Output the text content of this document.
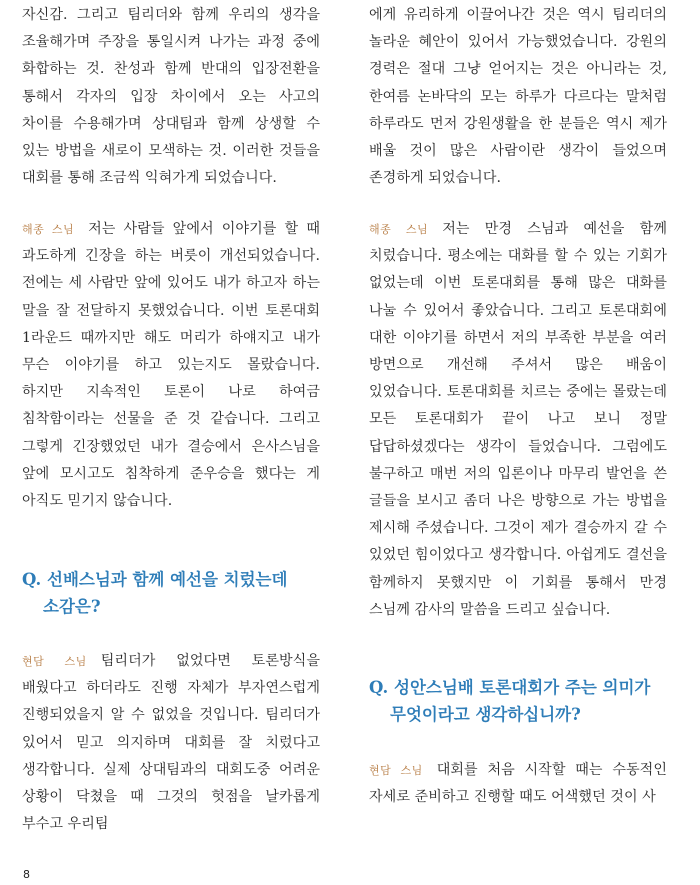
자신감. 그리고 팀리더와 함께 우리의 생각을 조율해가며 주장을 통일시켜 나가는 과정 중에 화합하는 것. 찬성과 함께 반대의 입장전환을 통해서 각자의 입장 차이에서 오는 사고의 차이를 수용해가며 상대팀과 함께 상생할 수 있는 방법을 새로이 모색하는 것. 이러한 것들을 대회를 통해 조금씩 익혀가게 되었습니다.

해종 스님 저는 사람들 앞에서 이야기를 할 때 과도하게 긴장을 하는 버릇이 개선되었습니다. 전에는 세 사람만 앞에 있어도 내가 하고자 하는 말을 잘 전달하지 못했었습니다. 이번 토론대회 1라운드 때까지만 해도 머리가 하얘지고 내가 무슨 이야기를 하고 있는지도 몰랐습니다. 하지만 지속적인 토론이 나로 하여금 침착함이라는 선물을 준 것 같습니다. 그리고 그렇게 긴장했었던 내가 결승에서 은사스님을 앞에 모시고도 침착하게 준우승을 했다는 게 아직도 믿기지 않습니다.

Q. 선배스님과 함께 예선을 치렀는데
소감은?

현담 스님 팀리더가 없었다면 토론방식을 배웠다고 하더라도 진행 자체가 부자연스럽게 진행되었을지 알 수 없었을 것입니다. 팀리더가 있어서 믿고 의지하며 대회를 잘 치렀다고 생각합니다. 실제 상대팀과의 대회도중 어려운 상황이 닥쳤을 때 그것의 헛점을 날카롭게 부수고 우리팀

에게 유리하게 이끌어나간 것은 역시 팀리더의 놀라운 혜안이 있어서 가능했었습니다. 강원의 경력은 절대 그냥 얻어지는 것은 아니라는 것, 한여름 논바닥의 모는 하루가 다르다는 말처럼 하루라도 먼저 강원생활을 한 분들은 역시 제가 배울 것이 많은 사람이란 생각이 들었으며 존경하게 되었습니다.

해종 스님 저는 만경 스님과 예선을 함께 치렀습니다. 평소에는 대화를 할 수 있는 기회가 없었는데 이번 토론대회를 통해 많은 대화를 나눌 수 있어서 좋았습니다. 그리고 토론대회에 대한 이야기를 하면서 저의 부족한 부분을 여러 방면으로 개선해 주셔서 많은 배움이 있었습니다. 토론대회를 치르는 중에는 몰랐는데 모든 토론대회가 끝이 나고 보니 정말 답답하셨겠다는 생각이 들었습니다. 그럼에도 불구하고 매번 저의 입론이나 마무리 발언을 쓴 글들을 보시고 좀더 나은 방향으로 가는 방법을 제시해 주셨습니다. 그것이 제가 결승까지 갈 수 있었던 힘이었다고 생각합니다. 아쉽게도 결선을 함께하지 못했지만 이 기회를 통해서 만경 스님께 감사의 말씀을 드리고 싶습니다.

Q. 성안스님배 토론대회가 주는 의미가
무엇이라고 생각하십니까?

현담 스님 대회를 처음 시작할 때는 수동적인 자세로 준비하고 진행할 때도 어색했던 것이 사

8
